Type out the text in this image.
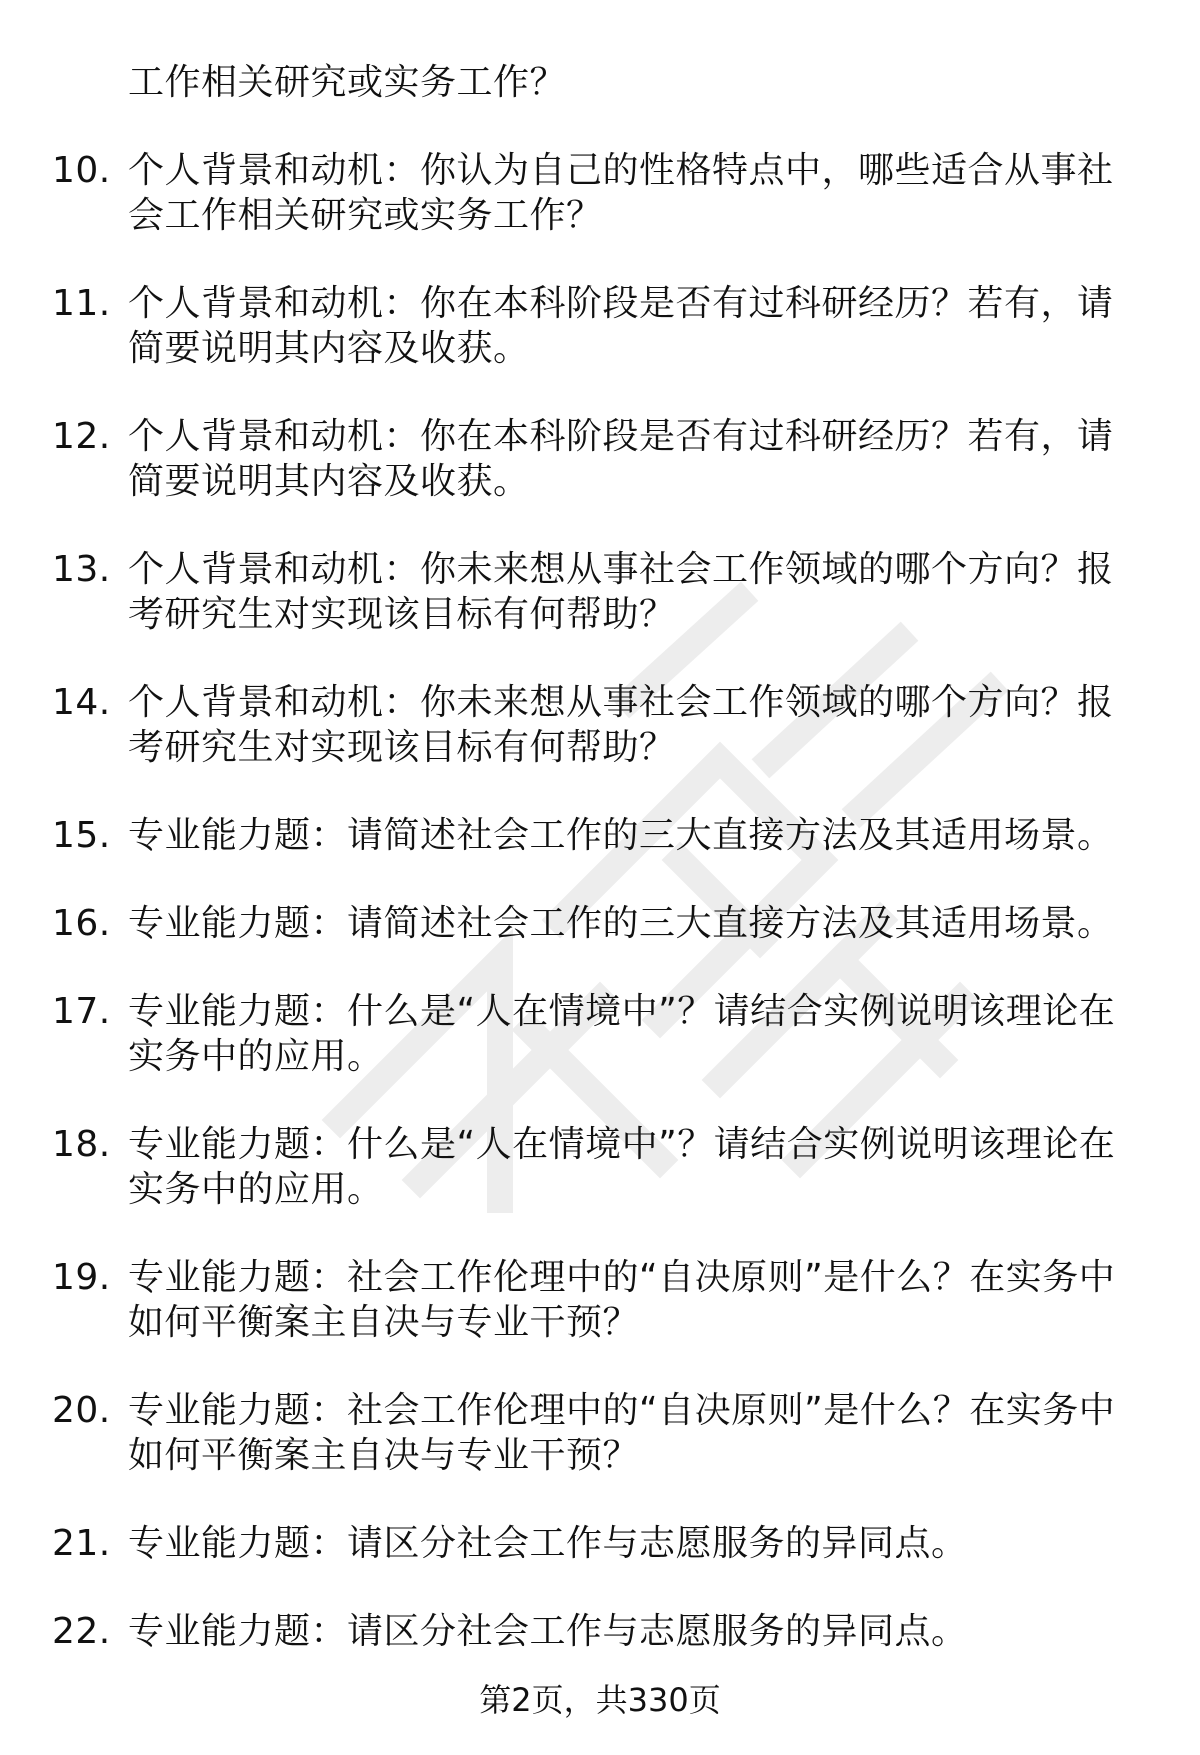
工作相关研究或实务工作？
10. 个人背景和动机：你认为自己的性格特点中，哪些适合从事社会工作相关研究或实务工作？
11. 个人背景和动机：你在本科阶段是否有过科研经历？若有，请简要说明其内容及收获。
12. 个人背景和动机：你在本科阶段是否有过科研经历？若有，请简要说明其内容及收获。
13. 个人背景和动机：你未来想从事社会工作领域的哪个方向？报考研究生对实现该目标有何帮助？
14. 个人背景和动机：你未来想从事社会工作领域的哪个方向？报考研究生对实现该目标有何帮助？
15. 专业能力题：请简述社会工作的三大直接方法及其适用场景。
16. 专业能力题：请简述社会工作的三大直接方法及其适用场景。
17. 专业能力题：什么是“人在情境中”？请结合实例说明该理论在实务中的应用。
18. 专业能力题：什么是“人在情境中”？请结合实例说明该理论在实务中的应用。
19. 专业能力题：社会工作伦理中的“自决原则”是什么？在实务中如何平衡案主自决与专业干预？
20. 专业能力题：社会工作伦理中的“自决原则”是什么？在实务中如何平衡案主自决与专业干预？
21. 专业能力题：请区分社会工作与志愿服务的异同点。
22. 专业能力题：请区分社会工作与志愿服务的异同点。
第2页，共330页
